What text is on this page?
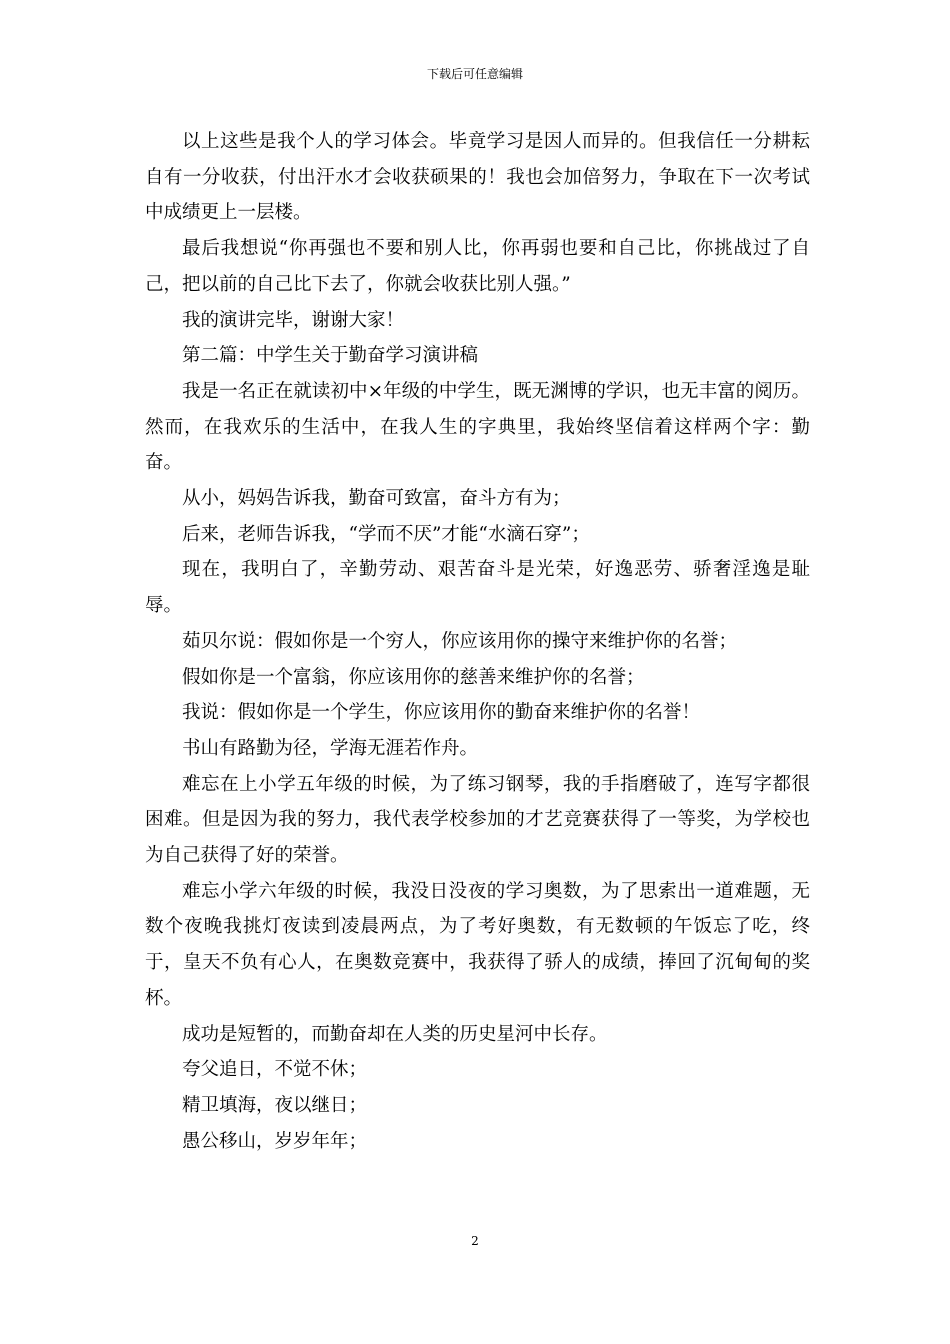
下载后可任意编辑

以上这些是我个人的学习体会。毕竟学习是因人而异的。但我信任一分耕耘自有一分收获，付出汗水才会收获硕果的！我也会加倍努力，争取在下一次考试中成绩更上一层楼。

最后我想说“你再强也不要和别人比，你再弱也要和自己比，你挑战过了自己，把以前的自己比下去了，你就会收获比别人强。”

我的演讲完毕，谢谢大家！

第二篇：中学生关于勤奋学习演讲稿

我是一名正在就读初中×年级的中学生，既无渊博的学识，也无丰富的阅历。然而，在我欢乐的生活中，在我人生的字典里，我始终坚信着这样两个字：勤奋。

从小，妈妈告诉我，勤奋可致富，奋斗方有为；

后来，老师告诉我，“学而不厌”才能“水滴石穿”；

现在，我明白了，辛勤劳动、艰苦奋斗是光荣，好逸恶劳、骄奢淫逸是耻辱。

茹贝尔说：假如你是一个穷人，你应该用你的操守来维护你的名誉；

假如你是一个富翁，你应该用你的慈善来维护你的名誉；

我说：假如你是一个学生，你应该用你的勤奋来维护你的名誉！

书山有路勤为径，学海无涯若作舟。

难忘在上小学五年级的时候，为了练习钢琴，我的手指磨破了，连写字都很困难。但是因为我的努力，我代表学校参加的才艺竞赛获得了一等奖，为学校也为自己获得了好的荣誉。

难忘小学六年级的时候，我没日没夜的学习奥数，为了思索出一道难题，无数个夜晚我挑灯夜读到凌晨两点，为了考好奥数，有无数顿的午饭忘了吃，终于，皇天不负有心人，在奥数竞赛中，我获得了骄人的成绩，捧回了沉甸甸的奖杯。

成功是短暂的，而勤奋却在人类的历史星河中长存。

夸父追日，不觉不休；

精卫填海，夜以继日；

愚公移山，岁岁年年；

2
